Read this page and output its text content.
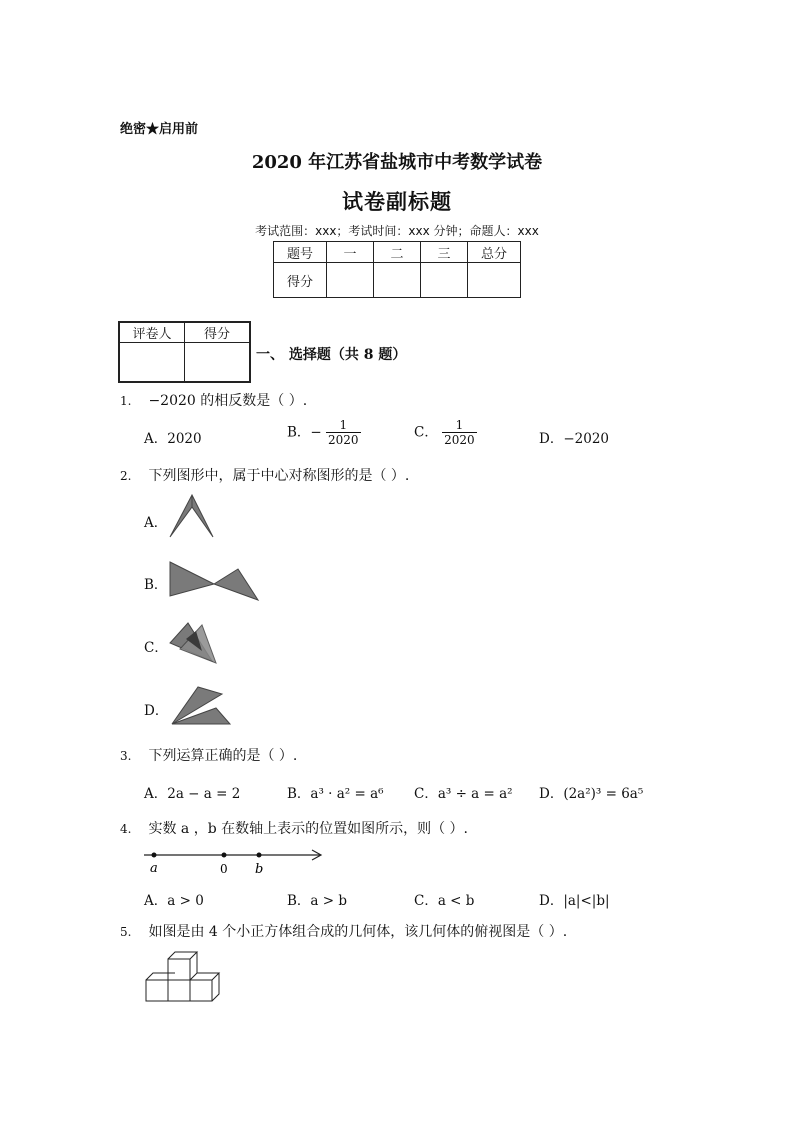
绝密★启用前
2020 年江苏省盐城市中考数学试卷
试卷副标题
考试范围：xxx；考试时间：xxx 分钟；命题人：xxx
题号	一	二	三	总分
得分				
评卷人	得分

一、 选择题（共 8 题）
1. −2020 的相反数是（ ）.
A．2020	B．− $\frac{1}{2020}$	C． $\frac{1}{2020}$	D．−2020
2. 下列图形中，属于中心对称图形的是（ ）.
A．
B．
C．
D．
3. 下列运算正确的是（ ）.
A．2a − a = 2	B．a³ · a² = a⁶ C．a³ ÷ a = a² D．(2a²)³ = 6a⁵
4. 实数 a ，b 在数轴上表示的位置如图所示，则（ ）.
a	0 b
A．a > 0	B．a > b	C．a < b	D．|a|<|b|
5. 如图是由 4 个小正方体组合成的几何体，该几何体的俯视图是（ ）.
